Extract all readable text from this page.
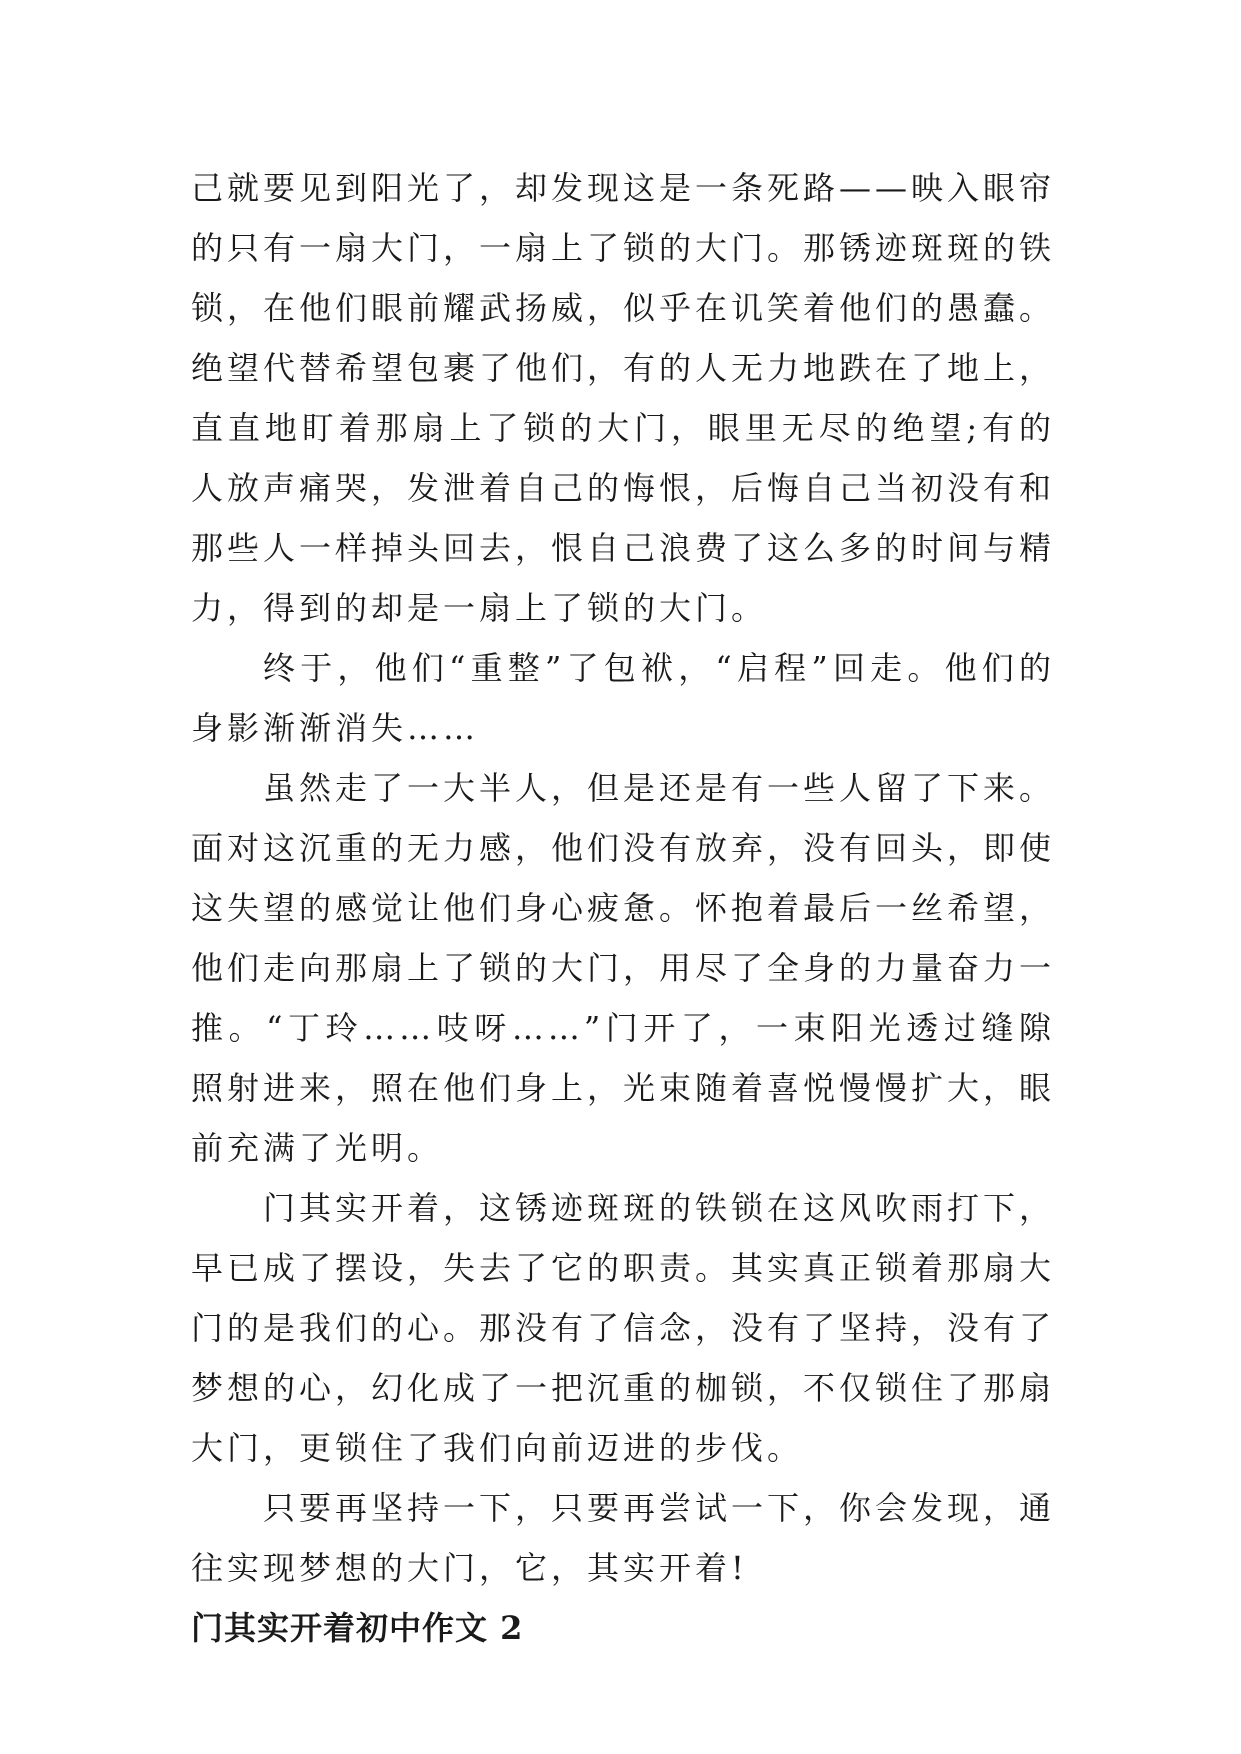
己就要见到阳光了，却发现这是一条死路——映入眼帘的只有一扇大门，一扇上了锁的大门。那锈迹斑斑的铁锁，在他们眼前耀武扬威，似乎在讥笑着他们的愚蠢。绝望代替希望包裹了他们，有的人无力地跌在了地上，直直地盯着那扇上了锁的大门，眼里无尽的绝望;有的人放声痛哭，发泄着自己的悔恨，后悔自己当初没有和那些人一样掉头回去，恨自己浪费了这么多的时间与精力，得到的却是一扇上了锁的大门。

终于，他们“重整”了包袱，“启程”回走。他们的身影渐渐消失……

虽然走了一大半人，但是还是有一些人留了下来。面对这沉重的无力感，他们没有放弃，没有回头，即使这失望的感觉让他们身心疲惫。怀抱着最后一丝希望，他们走向那扇上了锁的大门，用尽了全身的力量奋力一推。“丁玲……吱呀……”门开了，一束阳光透过缝隙照射进来，照在他们身上，光束随着喜悦慢慢扩大，眼前充满了光明。

门其实开着，这锈迹斑斑的铁锁在这风吹雨打下，早已成了摆设，失去了它的职责。其实真正锁着那扇大门的是我们的心。那没有了信念，没有了坚持，没有了梦想的心，幻化成了一把沉重的枷锁，不仅锁住了那扇大门，更锁住了我们向前迈进的步伐。

只要再坚持一下，只要再尝试一下，你会发现，通往实现梦想的大门，它，其实开着!

门其实开着初中作文 2
